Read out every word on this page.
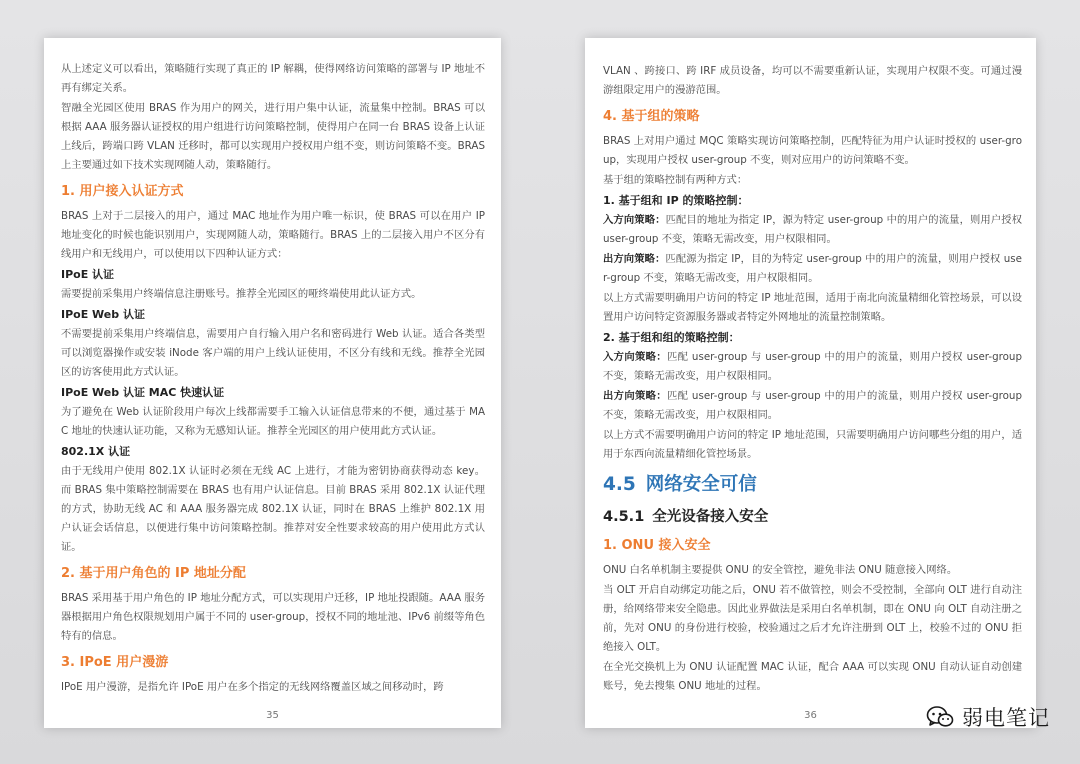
从上述定义可以看出，策略随行实现了真正的 IP 解耦，使得网络访问策略的部署与 IP 地址不再有绑定关系。

智融全光园区使用 BRAS 作为用户的网关，进行用户集中认证，流量集中控制。BRAS 可以根据 AAA 服务器认证授权的用户组进行访问策略控制，使得用户在同一台 BRAS 设备上认证上线后，跨端口跨 VLAN 迁移时，都可以实现用户授权用户组不变，则访问策略不变。BRAS 上主要通过如下技术实现网随人动，策略随行。

1. 用户接入认证方式

BRAS 上对于二层接入的用户，通过 MAC 地址作为用户唯一标识，使 BRAS 可以在用户 IP 地址变化的时候也能识别用户，实现网随人动，策略随行。BRAS 上的二层接入用户不区分有线用户和无线用户，可以使用以下四种认证方式：

IPoE 认证

需要提前采集用户终端信息注册账号。推荐全光园区的哑终端使用此认证方式。

IPoE Web 认证

不需要提前采集用户终端信息，需要用户自行输入用户名和密码进行 Web 认证。适合各类型可以浏览器操作或安装 iNode 客户端的用户上线认证使用，不区分有线和无线。推荐全光园区的访客使用此方式认证。

IPoE Web 认证 MAC 快速认证

为了避免在 Web 认证阶段用户每次上线都需要手工输入认证信息带来的不便，通过基于 MAC 地址的快速认证功能，又称为无感知认证。推荐全光园区的用户使用此方式认证。

802.1X 认证

由于无线用户使用 802.1X 认证时必须在无线 AC 上进行，才能为密钥协商获得动态 key。而 BRAS 集中策略控制需要在 BRAS 也有用户认证信息。目前 BRAS 采用 802.1X 认证代理的方式，协助无线 AC 和 AAA 服务器完成 802.1X 认证，同时在 BRAS 上维护 802.1X 用户认证会话信息，以便进行集中访问策略控制。推荐对安全性要求较高的用户使用此方式认证。

2. 基于用户角色的 IP 地址分配

BRAS 采用基于用户角色的 IP 地址分配方式，可以实现用户迁移，IP 地址投跟随。AAA 服务器根据用户角色权限规划用户属于不同的 user-group，授权不同的地址池、IPv6 前缀等角色特有的信息。

3. IPoE 用户漫游

IPoE 用户漫游，是指允许 IPoE 用户在多个指定的无线网络覆盖区域之间移动时，跨

35

VLAN 、跨接口、跨 IRF 成员设备，均可以不需要重新认证，实现用户权限不变。可通过漫游组限定用户的漫游范围。

4. 基于组的策略

BRAS 上对用户通过 MQC 策略实现访问策略控制，匹配特征为用户认证时授权的 user-group，实现用户授权 user-group 不变，则对应用户的访问策略不变。

基于组的策略控制有两种方式：

1. 基于组和 IP 的策略控制：

入方向策略：匹配目的地址为指定 IP，源为特定 user-group 中的用户的流量，则用户授权 user-group 不变，策略无需改变，用户权限相同。

出方向策略：匹配源为指定 IP，目的为特定 user-group 中的用户的流量，则用户授权 user-group 不变，策略无需改变，用户权限相同。

以上方式需要明确用户访问的特定 IP 地址范围，适用于南北向流量精细化管控场景，可以设置用户访问特定资源服务器或者特定外网地址的流量控制策略。

2. 基于组和组的策略控制：

入方向策略：匹配 user-group 与 user-group 中的用户的流量，则用户授权 user-group 不变，策略无需改变，用户权限相同。

出方向策略：匹配 user-group 与 user-group 中的用户的流量，则用户授权 user-group 不变，策略无需改变，用户权限相同。

以上方式不需要明确用户访问的特定 IP 地址范围，只需要明确用户访问哪些分组的用户，适用于东西向流量精细化管控场景。

4.5 网络安全可信
4.5.1 全光设备接入安全
1. ONU 接入安全

ONU 白名单机制主要提供 ONU 的安全管控，避免非法 ONU 随意接入网络。

当 OLT 开启自动绑定功能之后，ONU 若不做管控，则会不受控制，全部向 OLT 进行自动注册，给网络带来安全隐患。因此业界做法是采用白名单机制，即在 ONU 向 OLT 自动注册之前，先对 ONU 的身份进行校验，校验通过之后才允许注册到 OLT 上，校验不过的 ONU 拒绝接入 OLT。

在全光交换机上为 ONU 认证配置 MAC 认证，配合 AAA 可以实现 ONU 自动认证自动创建账号，免去搜集 ONU 地址的过程。

36	弱电笔记
